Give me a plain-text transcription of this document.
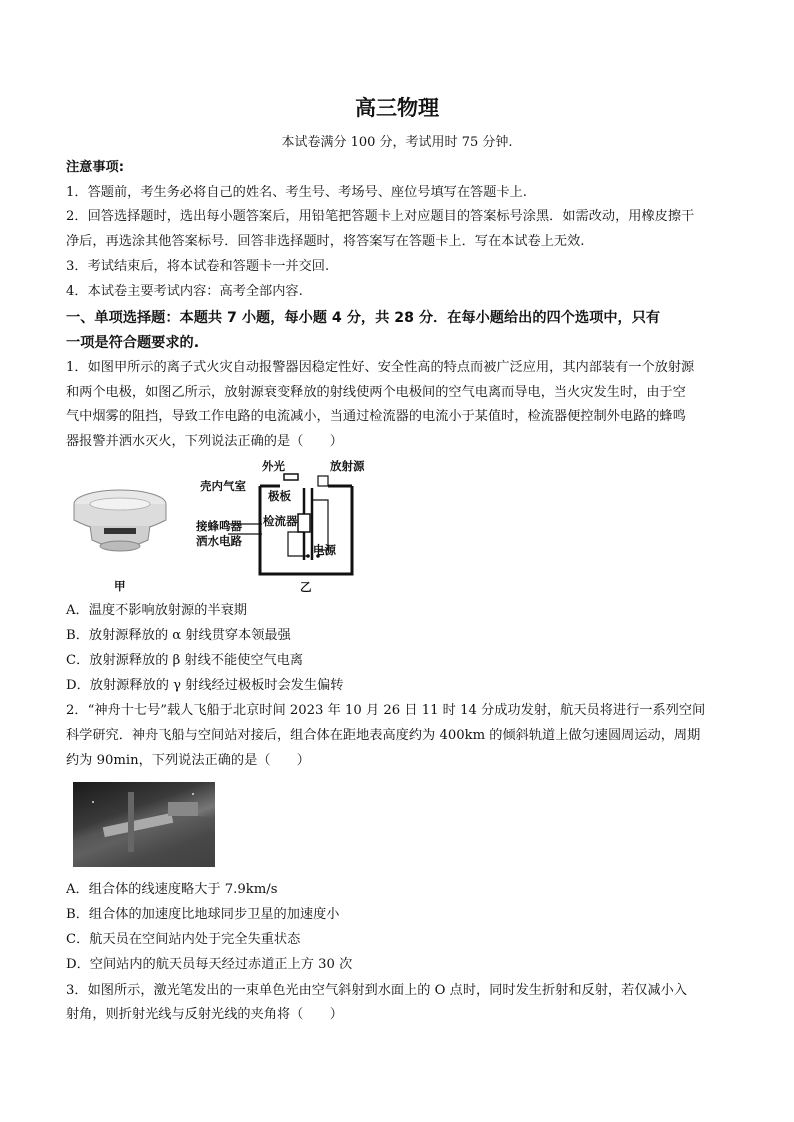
高三物理
本试卷满分 100 分，考试用时 75 分钟.
注意事项:
1．答题前，考生务必将自己的姓名、考生号、考场号、座位号填写在答题卡上.
2．回答选择题时，选出每小题答案后，用铅笔把答题卡上对应题目的答案标号涂黑．如需改动，用橡皮擦干
净后，再选涂其他答案标号．回答非选择题时，将答案写在答题卡上．写在本试卷上无效.
3．考试结束后，将本试卷和答题卡一并交回.
4．本试卷主要考试内容：高考全部内容.
一、单项选择题：本题共 7 小题，每小题 4 分，共 28 分．在每小题给出的四个选项中，只有
一项是符合题要求的.
1．如图甲所示的离子式火灾自动报警器因稳定性好、安全性高的特点而被广泛应用，其内部装有一个放射源
和两个电极，如图乙所示，放射源衰变释放的射线使两个电极间的空气电离而导电，当火灾发生时，由于空
气中烟雾的阻挡，导致工作电路的电流减小，当通过检流器的电流小于某值时，检流器便控制外电路的蜂鸣
器报警并洒水灭火，下列说法正确的是（　　）
甲
外光	放射源
壳内气室
极板
检流器
接蜂鸣器
洒水电路
电源
乙
A．温度不影响放射源的半衰期
B．放射源释放的 α 射线贯穿本领最强
C．放射源释放的 β 射线不能使空气电离
D．放射源释放的 γ 射线经过极板时会发生偏转
2．“神舟十七号”载人飞船于北京时间 2023 年 10 月 26 日 11 时 14 分成功发射，航天员将进行一系列空间
科学研究．神舟飞船与空间站对接后，组合体在距地表高度约为 400km 的倾斜轨道上做匀速圆周运动，周期
约为 90min，下列说法正确的是（　　）
A．组合体的线速度略大于 7.9km/s
B．组合体的加速度比地球同步卫星的加速度小
C．航天员在空间站内处于完全失重状态
D．空间站内的航天员每天经过赤道正上方 30 次
3．如图所示，激光笔发出的一束单色光由空气斜射到水面上的 O 点时，同时发生折射和反射，若仅减小入
射角，则折射光线与反射光线的夹角将（　　）
